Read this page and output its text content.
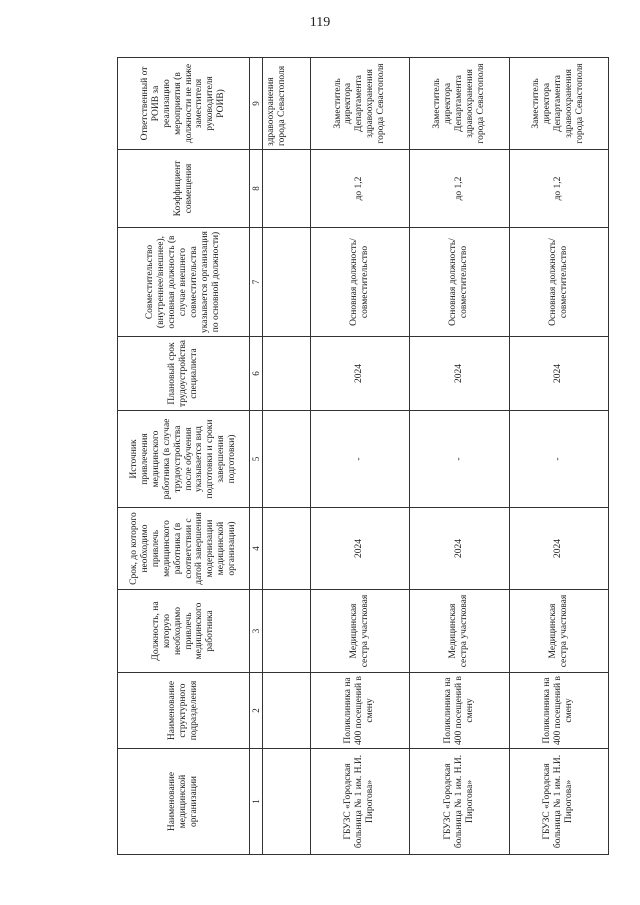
119
Наименование медицинской организации	Наименование структурного подразделения	Должность, на которую необходимо привлечь медицинского работника	Срок, до которого необходимо привлечь медицинского работника (в соответствии с датой завершения модернизации медицинской организации)	Источник привлечения медицинского работника (в случае трудоустройства после обучения указывается вид подготовки и сроки завершения подготовки)	Плановый срок трудоустройства специалиста	Совместительство (внутреннее/внешнее), основная должность (в случае внешнего совместительства указывается организация по основной должности)	Коэффициент совмещения	Ответственный от РОИВ за реализацию мероприятия (в должности не ниже заместителя руководителя РОИВ)
1	2	3	4	5	6	7	8	9
								здравоохранения города Севастополя
ГБУЗС «Городская больница № 1 им. Н.И. Пирогова»	Поликлиника на 400 посещений в смену	Медицинская сестра участковая	2024	-	2024	Основная должность/ совместительство	до 1,2	Заместитель директора Департамента здравоохранения города Севастополя
ГБУЗС «Городская больница № 1 им. Н.И. Пирогова»	Поликлиника на 400 посещений в смену	Медицинская сестра участковая	2024	-	2024	Основная должность/ совместительство	до 1,2	Заместитель директора Департамента здравоохранения города Севастополя
ГБУЗС «Городская больница № 1 им. Н.И. Пирогова»	Поликлиника на 400 посещений в смену	Медицинская сестра участковая	2024	-	2024	Основная должность/ совместительство	до 1,2	Заместитель директора Департамента здравоохранения города Севастополя
